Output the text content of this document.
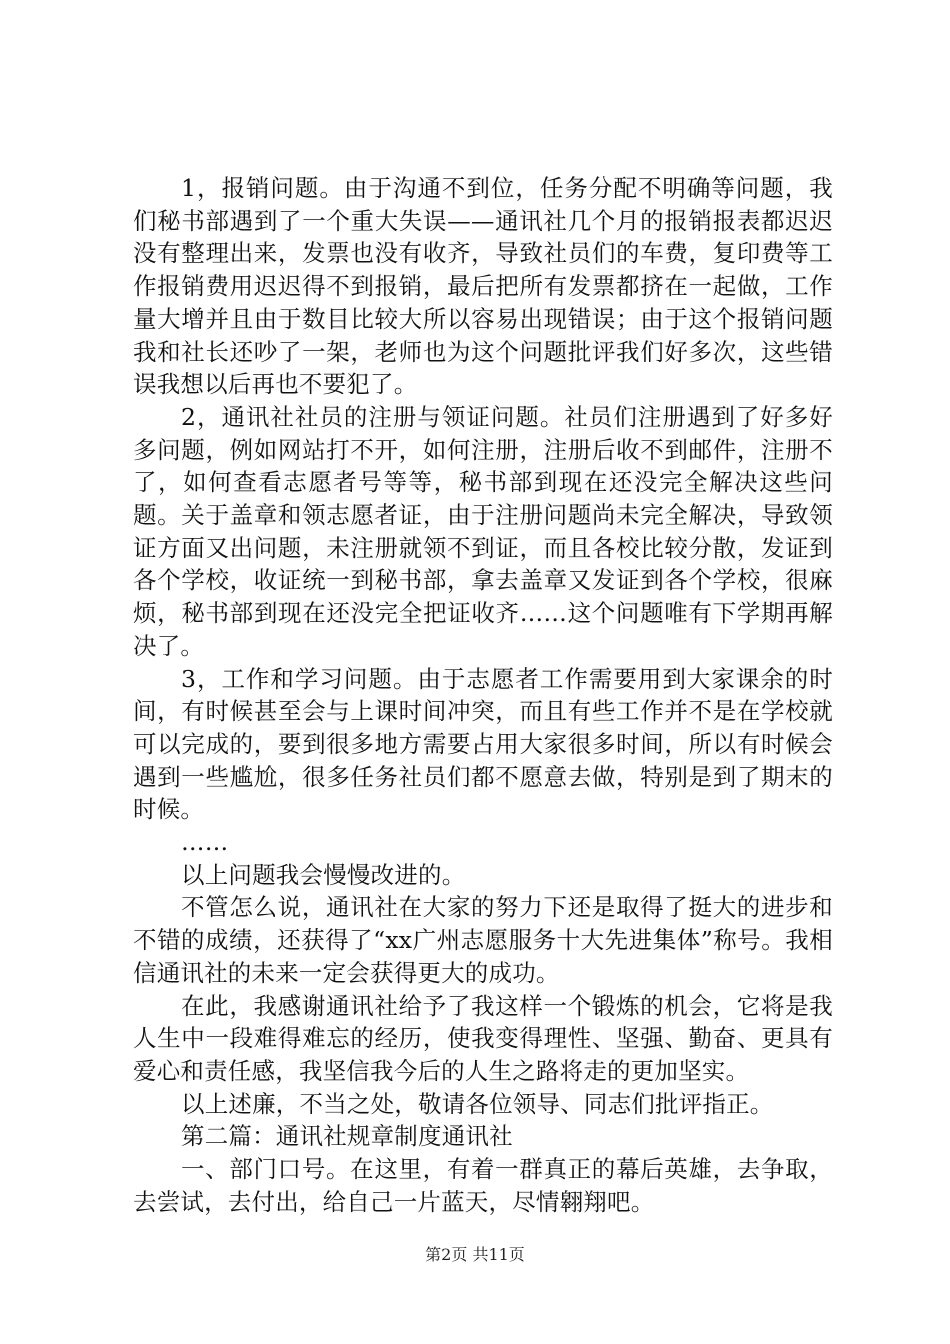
1，报销问题。由于沟通不到位，任务分配不明确等问题，我们秘书部遇到了一个重大失误——通讯社几个月的报销报表都迟迟没有整理出来，发票也没有收齐，导致社员们的车费，复印费等工作报销费用迟迟得不到报销，最后把所有发票都挤在一起做，工作量大增并且由于数目比较大所以容易出现错误；由于这个报销问题我和社长还吵了一架，老师也为这个问题批评我们好多次，这些错误我想以后再也不要犯了。

2，通讯社社员的注册与领证问题。社员们注册遇到了好多好多问题，例如网站打不开，如何注册，注册后收不到邮件，注册不了，如何查看志愿者号等等，秘书部到现在还没完全解决这些问题。关于盖章和领志愿者证，由于注册问题尚未完全解决，导致领证方面又出问题，未注册就领不到证，而且各校比较分散，发证到各个学校，收证统一到秘书部，拿去盖章又发证到各个学校，很麻烦，秘书部到现在还没完全把证收齐……这个问题唯有下学期再解决了。

3，工作和学习问题。由于志愿者工作需要用到大家课余的时间，有时候甚至会与上课时间冲突，而且有些工作并不是在学校就可以完成的，要到很多地方需要占用大家很多时间，所以有时候会遇到一些尴尬，很多任务社员们都不愿意去做，特别是到了期末的时候。

……

以上问题我会慢慢改进的。

不管怎么说，通讯社在大家的努力下还是取得了挺大的进步和不错的成绩，还获得了“xx广州志愿服务十大先进集体”称号。我相信通讯社的未来一定会获得更大的成功。

在此，我感谢通讯社给予了我这样一个锻炼的机会，它将是我人生中一段难得难忘的经历，使我变得理性、坚强、勤奋、更具有爱心和责任感，我坚信我今后的人生之路将走的更加坚实。

以上述廉，不当之处，敬请各位领导、同志们批评指正。

第二篇：通讯社规章制度通讯社

一、部门口号。在这里，有着一群真正的幕后英雄，去争取，去尝试，去付出，给自己一片蓝天，尽情翱翔吧。

第2页 共11页
